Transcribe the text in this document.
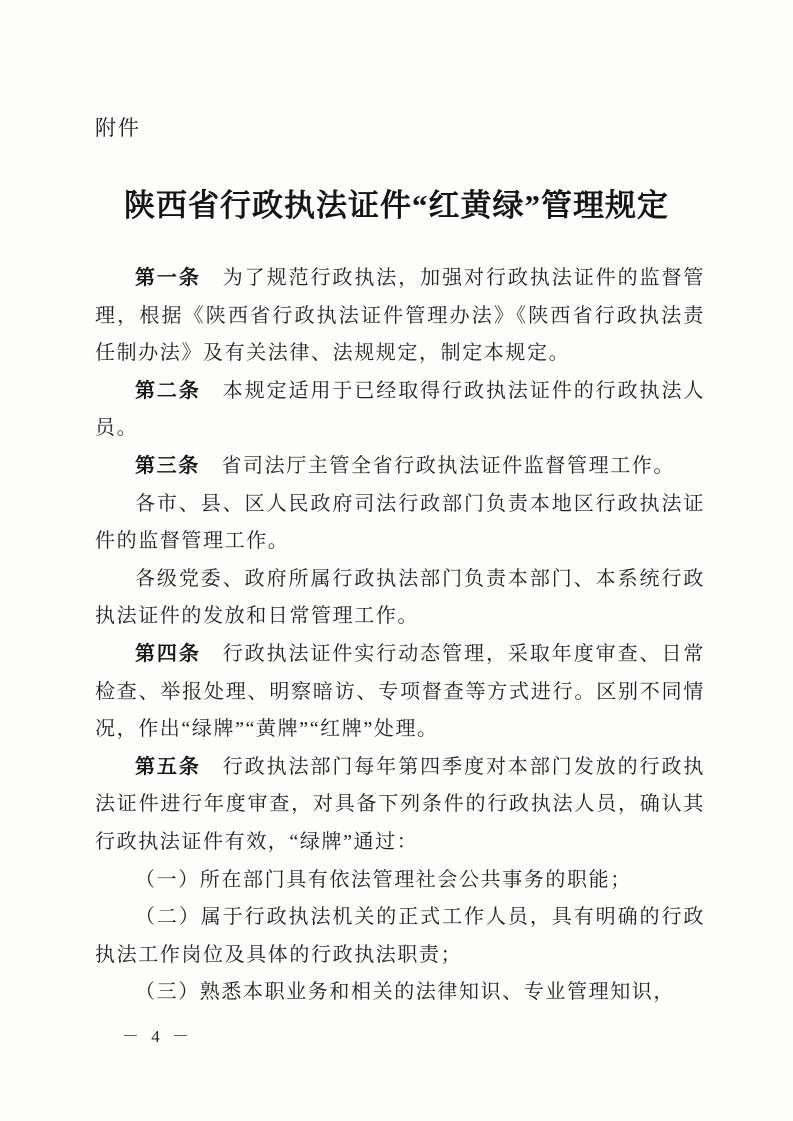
附件
陕西省行政执法证件“红黄绿”管理规定

第一条　为了规范行政执法，加强对行政执法证件的监督管理，根据《陕西省行政执法证件管理办法》《陕西省行政执法责任制办法》及有关法律、法规规定，制定本规定。

第二条　本规定适用于已经取得行政执法证件的行政执法人员。

第三条　省司法厅主管全省行政执法证件监督管理工作。

各市、县、区人民政府司法行政部门负责本地区行政执法证件的监督管理工作。

各级党委、政府所属行政执法部门负责本部门、本系统行政执法证件的发放和日常管理工作。

第四条　行政执法证件实行动态管理，采取年度审查、日常检查、举报处理、明察暗访、专项督查等方式进行。区别不同情况，作出“绿牌”“黄牌”“红牌”处理。

第五条　行政执法部门每年第四季度对本部门发放的行政执法证件进行年度审查，对具备下列条件的行政执法人员，确认其行政执法证件有效，“绿牌”通过：

（一）所在部门具有依法管理社会公共事务的职能；

（二）属于行政执法机关的正式工作人员，具有明确的行政执法工作岗位及具体的行政执法职责；

（三）熟悉本职业务和相关的法律知识、专业管理知识，

－ 4 －
